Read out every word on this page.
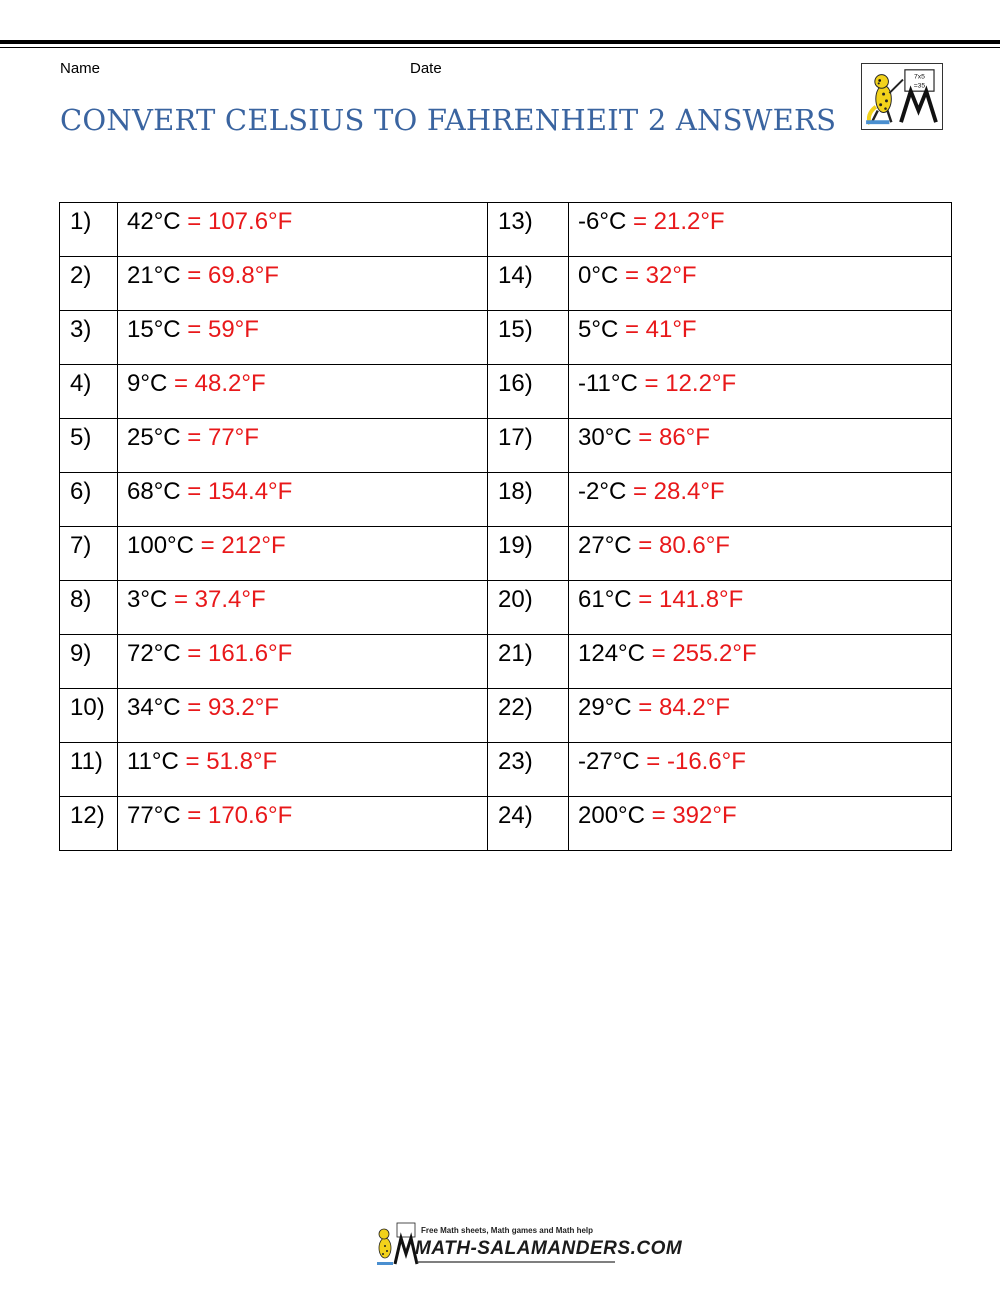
Name	Date
CONVERT CELSIUS TO FAHRENHEIT 2 ANSWERS
7x5
=35
1)	42°C = 107.6°F	13)	-6°C = 21.2°F
2)	21°C = 69.8°F	14)	0°C = 32°F
3)	15°C = 59°F	15)	5°C = 41°F
4)	9°C = 48.2°F	16)	-11°C = 12.2°F
5)	25°C = 77°F	17)	30°C = 86°F
6)	68°C = 154.4°F	18)	-2°C = 28.4°F
7)	100°C = 212°F	19)	27°C = 80.6°F
8)	3°C = 37.4°F	20)	61°C = 141.8°F
9)	72°C = 161.6°F	21)	124°C = 255.2°F
10)	34°C = 93.2°F	22)	29°C = 84.2°F
11)	11°C = 51.8°F	23)	-27°C = -16.6°F
12)	77°C = 170.6°F	24)	200°C = 392°F
Free Math sheets, Math games and Math help
MATH-SALAMANDERS.COM
